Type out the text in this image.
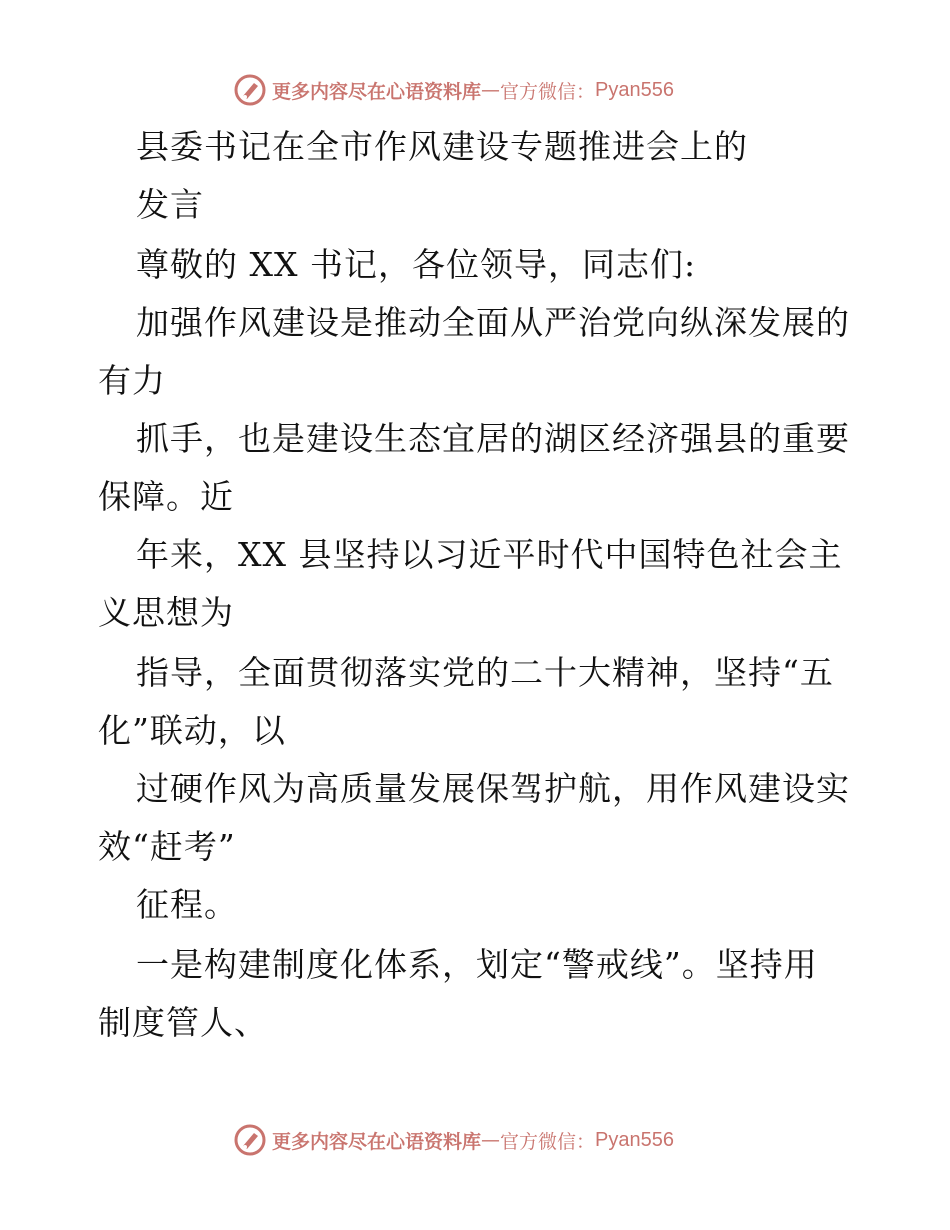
更多内容尽在心语资料库 — 官方微信： Pyan556
县委书记在全市作风建设专题推进会上的
发言
尊敬的 XX 书记，各位领导，同志们:
加强作风建设是推动全面从严治党向纵深发展的
有力
抓手，也是建设生态宜居的湖区经济强县的重要
保障。近
年来，XX 县坚持以习近平时代中国特色社会主
义思想为
指导，全面贯彻落实党的二十大精神，坚持“五
化”联动，以
过硬作风为高质量发展保驾护航，用作风建设实
效“赶考”
征程。
一是构建制度化体系，划定“警戒线”。坚持用
制度管人、
更多内容尽在心语资料库 — 官方微信： Pyan556
